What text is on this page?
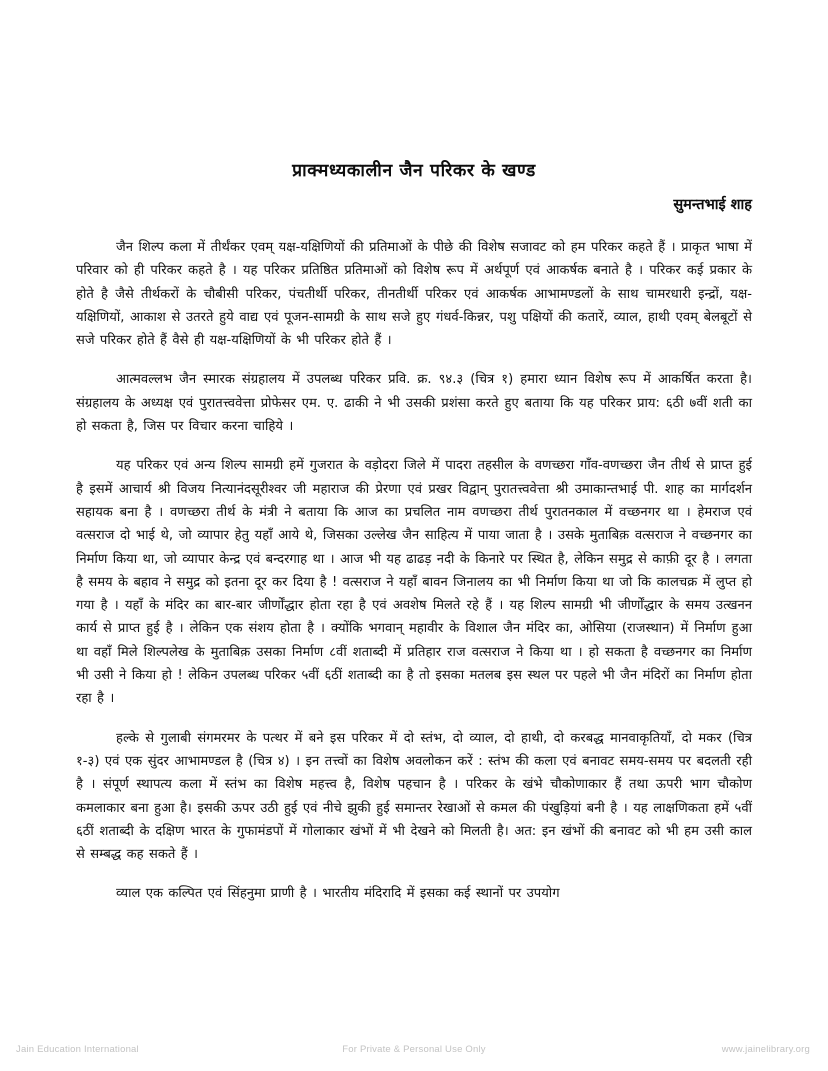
प्राक्मध्यकालीन जैन परिकर के खण्ड
सुमन्तभाई शाह

जैन शिल्प कला में तीर्थंकर एवम् यक्ष-यक्षिणियों की प्रतिमाओं के पीछे की विशेष सजावट को हम परिकर कहते हैं । प्राकृत भाषा में परिवार को ही परिकर कहते है । यह परिकर प्रतिष्ठित प्रतिमाओं को विशेष रूप में अर्थपूर्ण एवं आकर्षक बनाते है । परिकर कई प्रकार के होते है जैसे तीर्थकरों के चौबीसी परिकर, पंचतीर्थी परिकर, तीनतीर्थी परिकर एवं आकर्षक आभामण्डलों के साथ चामरधारी इन्द्रों, यक्ष-यक्षिणियों, आकाश से उतरते हुये वाद्य एवं पूजन-सामग्री के साथ सजे हुए गंधर्व-किन्नर, पशु पक्षियों की कतारें, व्याल, हाथी एवम् बेलबूटों से सजे परिकर होते हैं वैसे ही यक्ष-यक्षिणियों के भी परिकर होते हैं ।

आत्मवल्लभ जैन स्मारक संग्रहालय में उपलब्ध परिकर प्रवि. क्र. ९४.३ (चित्र १) हमारा ध्यान विशेष रूप में आकर्षित करता है। संग्रहालय के अध्यक्ष एवं पुरातत्त्ववेत्ता प्रोफेसर एम. ए. ढाकी ने भी उसकी प्रशंसा करते हुए बताया कि यह परिकर प्राय: ६ठी ७वीं शती का हो सकता है, जिस पर विचार करना चाहिये ।

यह परिकर एवं अन्य शिल्प सामग्री हमें गुजरात के वड़ोदरा जिले में पादरा तहसील के वणच्छरा गाँव-वणच्छरा जैन तीर्थ से प्राप्त हुई है इसमें आचार्य श्री विजय नित्यानंदसूरीश्वर जी महाराज की प्रेरणा एवं प्रखर विद्वान् पुरातत्त्ववेत्ता श्री उमाकान्तभाई पी. शाह का मार्गदर्शन सहायक बना है । वणच्छरा तीर्थ के मंत्री ने बताया कि आज का प्रचलित नाम वणच्छरा तीर्थ पुरातनकाल में वच्छनगर था । हेमराज एवं वत्सराज दो भाई थे, जो व्यापार हेतु यहाँ आये थे, जिसका उल्लेख जैन साहित्य में पाया जाता है । उसके मुताबिक़ वत्सराज ने वच्छनगर का निर्माण किया था, जो व्यापार केन्द्र एवं बन्दरगाह था । आज भी यह ढाढड़ नदी के किनारे पर स्थित है, लेकिन समुद्र से काफ़ी दूर है । लगता है समय के बहाव ने समुद्र को इतना दूर कर दिया है ! वत्सराज ने यहाँ बावन जिनालय का भी निर्माण किया था जो कि कालचक्र में लुप्त हो गया है । यहाँ के मंदिर का बार-बार जीर्णोंद्धार होता रहा है एवं अवशेष मिलते रहे हैं । यह शिल्प सामग्री भी जीर्णोंद्धार के समय उत्खनन कार्य से प्राप्त हुई है । लेकिन एक संशय होता है । क्योंकि भगवान् महावीर के विशाल जैन मंदिर का, ओसिया (राजस्थान) में निर्माण हुआ था वहाँ मिले शिल्पलेख के मुताबिक़ उसका निर्माण ८वीं शताब्दी में प्रतिहार राज वत्सराज ने किया था । हो सकता है वच्छनगर का निर्माण भी उसी ने किया हो ! लेकिन उपलब्ध परिकर ५वीं ६ठीं शताब्दी का है तो इसका मतलब इस स्थल पर पहले भी जैन मंदिरों का निर्माण होता रहा है ।

हल्के से गुलाबी संगमरमर के पत्थर में बने इस परिकर में दो स्तंभ, दो व्याल, दो हाथी, दो करबद्ध मानवाकृतियाँ, दो मकर (चित्र १-३) एवं एक सुंदर आभामण्डल है (चित्र ४) । इन तत्त्वों का विशेष अवलोकन करें : स्तंभ की कला एवं बनावट समय-समय पर बदलती रही है । संपूर्ण स्थापत्य कला में स्तंभ का विशेष महत्त्व है, विशेष पहचान है । परिकर के खंभे चौकोणाकार हैं तथा ऊपरी भाग चौकोण कमलाकार बना हुआ है। इसकी ऊपर उठी हुई एवं नीचे झुकी हुई समान्तर रेखाओं से कमल की पंखुड़ियां बनी है । यह लाक्षणिकता हमें ५वीं ६ठीं शताब्दी के दक्षिण भारत के गुफामंडपों में गोलाकार खंभों में भी देखने को मिलती है। अत: इन खंभों की बनावट को भी हम उसी काल से सम्बद्ध कह सकते हैं ।

व्याल एक कल्पित एवं सिंहनुमा प्राणी है । भारतीय मंदिरादि में इसका कई स्थानों पर उपयोग

Jain Education International	For Private & Personal Use Only	www.jainelibrary.org
